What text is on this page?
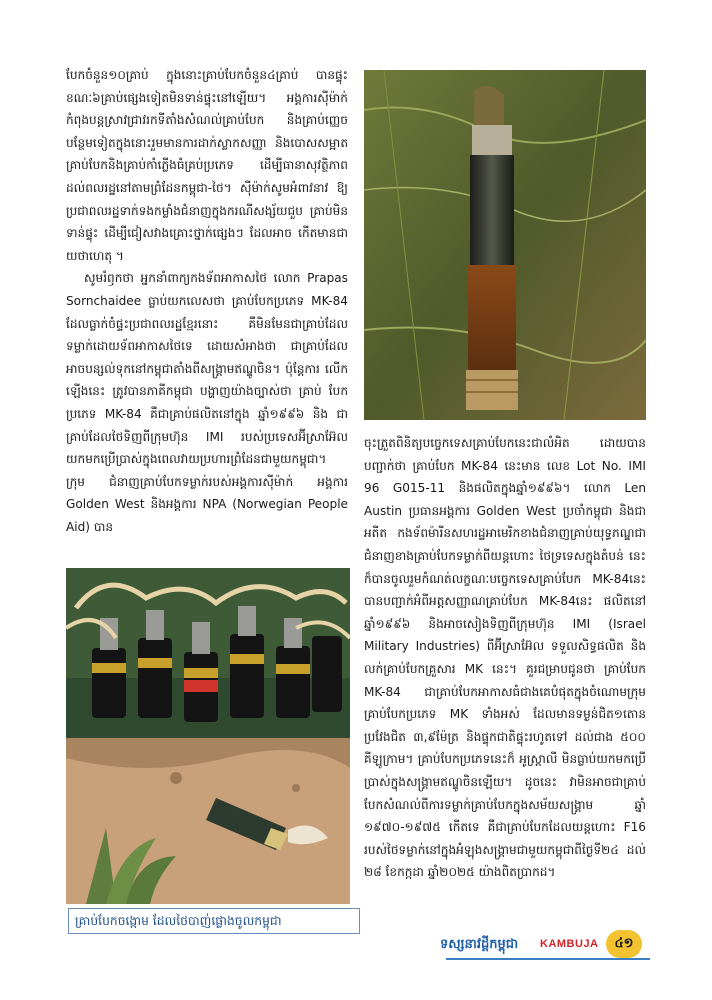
បែកចំនួន១០គ្រាប់ ក្នុងនោះគ្រាប់បែកចំនួន៤គ្រាប់ បានផ្ទុះ ខណៈ៦គ្រាប់ផ្សេងទៀតមិនទាន់ផ្ទុះនៅឡើយ។ អង្គការស៊ីម៉ាក់ កំពុងបន្តស្រាវជ្រាវរកទីតាំងសំណល់គ្រាប់បែក និងគ្រាប់ញ្ញេច បន្ថែមទៀតក្នុងនោះរួមមានការដាក់ស្លាកសញ្ញា និងបោសសម្អាត គ្រាប់បែកនិងគ្រាប់កាំភ្លើងធំគ្រប់ប្រភេទ ដើម្បីធានាសុវត្ថិភាព ដល់ពលរដ្ឋនៅតាមព្រំដែនកម្ពុជា-ថៃ។ ស៊ីម៉ាក់សូមអំពាវនាវ ឱ្យប្រជាពលរដ្ឋទាក់ទងកម្លាំងជំនាញក្នុងករណីសង្ស័យជួប គ្រាប់មិនទាន់ផ្ទុះ ដើម្បីជៀសវាងគ្រោះថ្នាក់ផ្សេងៗ ដែលអាច កើតមានជាយថាហេតុ ។

សូមរំឭកថា អ្នកនាំពាក្យកងទ័ពអាកាសថៃ លោក Prapas Sornchaidee ធ្លាប់យកលេសថា គ្រាប់បែកប្រភេទ MK-84 ដែលធ្លាក់ចំផ្ទះប្រជាពលរដ្ឋខ្មែរនោះ គឺមិនមែនជាគ្រាប់ដែល ទម្លាក់ដោយទ័ពអាកាសថៃទេ ដោយសំអាងថា ជាគ្រាប់ដែល អាចបន្សល់ទុកនៅកម្ពុជាតាំងពីសង្គ្រាមឥណ្ឌូចិន។ ប៉ុន្តែការ លើកឡើងនេះ ត្រូវបានភាគីកម្ពុជា បង្ហាញយ៉ាងច្បាស់ថា គ្រាប់ បែកប្រភេទ MK-84 គឺជាគ្រាប់ផលិតនៅក្នុង ឆ្នាំ១៩៩៦ និង ជាគ្រាប់ដែលថៃទិញពីក្រុមហ៊ុន IMI របស់ប្រទេសអ៊ីស្រាអ៊ែល យកមកប្រើប្រាស់ក្នុងពេលវាយប្រហារព្រំដែនជាមួយកម្ពុជា។ ក្រុម ជំនាញគ្រាប់បែកទម្លាក់របស់អង្គការស៊ីម៉ាក់ អង្គការ Golden West និងអង្គការ NPA (Norwegian People Aid) បាន

ចុះត្រួតពិនិត្យបច្ចេកទេសគ្រាប់បែកនេះជាលំអិត ដោយបាន បញ្ជាក់ថា គ្រាប់បែក MK-84 នេះមាន លេខ Lot No. IMI 96 G015-11 និងផលិតក្នុងឆ្នាំ១៩៩៦។ លោក Len Austin ប្រធានអង្គការ Golden West ប្រចាំកម្ពុជា និងជាអតីត កងទ័ពម៉ារីនសហរដ្ឋអាមេរិកខាងជំនាញគ្រាប់យុទ្ធភណ្ឌជា ជំនាញខាងគ្រាប់បែកទម្លាក់ពីយន្តហោះ ថៃទ្រទេសក្នុងតំបន់ នេះក៏បានចូលរួមកំណត់លក្ខណៈបច្ចេកទេសគ្រាប់បែក MK-84នេះ បានបញ្ជាក់អំពីអត្តសញ្ញាណគ្រាប់បែក MK-84នេះ ផលិតនៅឆ្នាំ១៩៩៦ និងអាចសៀងទិញពីក្រុមហ៊ុន IMI (Israel Military Industries) ពីអ៊ីស្រាអ៊ែល ទទួលសិទ្ធផលិត និង លក់គ្រាប់បែកគ្រួសារ MK នេះ។ គួរជម្រាបជូនថា គ្រាប់បែក MK-84 ជាគ្រាប់បែកអាកាសធំជាងគេបំផុតក្នុងចំណោមក្រុម គ្រាប់បែកប្រភេទ MK ទាំងអស់ ដែលមានទម្ងន់ជិត១តោន ប្រវែងជិត ៣,៩ម៉ែត្រ និងផ្ទុកជាតិផ្ទុះរហូតទៅ ដល់ជាង ៥០០ គីឡូក្រាម។ គ្រាប់បែកប្រភេទនេះក៏ អូស្ត្រាលី មិនធ្លាប់យកមកប្រើ ប្រាស់ក្នុងសង្គ្រាមឥណ្ឌូចិនឡើយ។ ដូចនេះ វាមិនអាចជាគ្រាប់ បែកសំណល់ពីការទម្លាក់គ្រាប់បែកក្នុងសម័យសង្គ្រាម ឆ្នាំ ១៩៧០-១៩៧៥ កើតទេ គឺជាគ្រាប់បែកដែលយន្តហោះ F16 របស់ថៃទម្លាក់នៅក្នុងអំឡុងសង្គ្រាមជាមួយកម្ពុជាពីថ្ងៃទី២៤ ដល់ ២៨ ខែកក្កដា ឆ្នាំ២០២៥ យ៉ាងពិតប្រាកដ។

គ្រាប់បែកចង្កោម ដែលថៃបាញ់ផ្លោងចូលកម្ពុជា
ទស្សនាវដ្តីកម្ពុជា KAMBUJA	៤១
